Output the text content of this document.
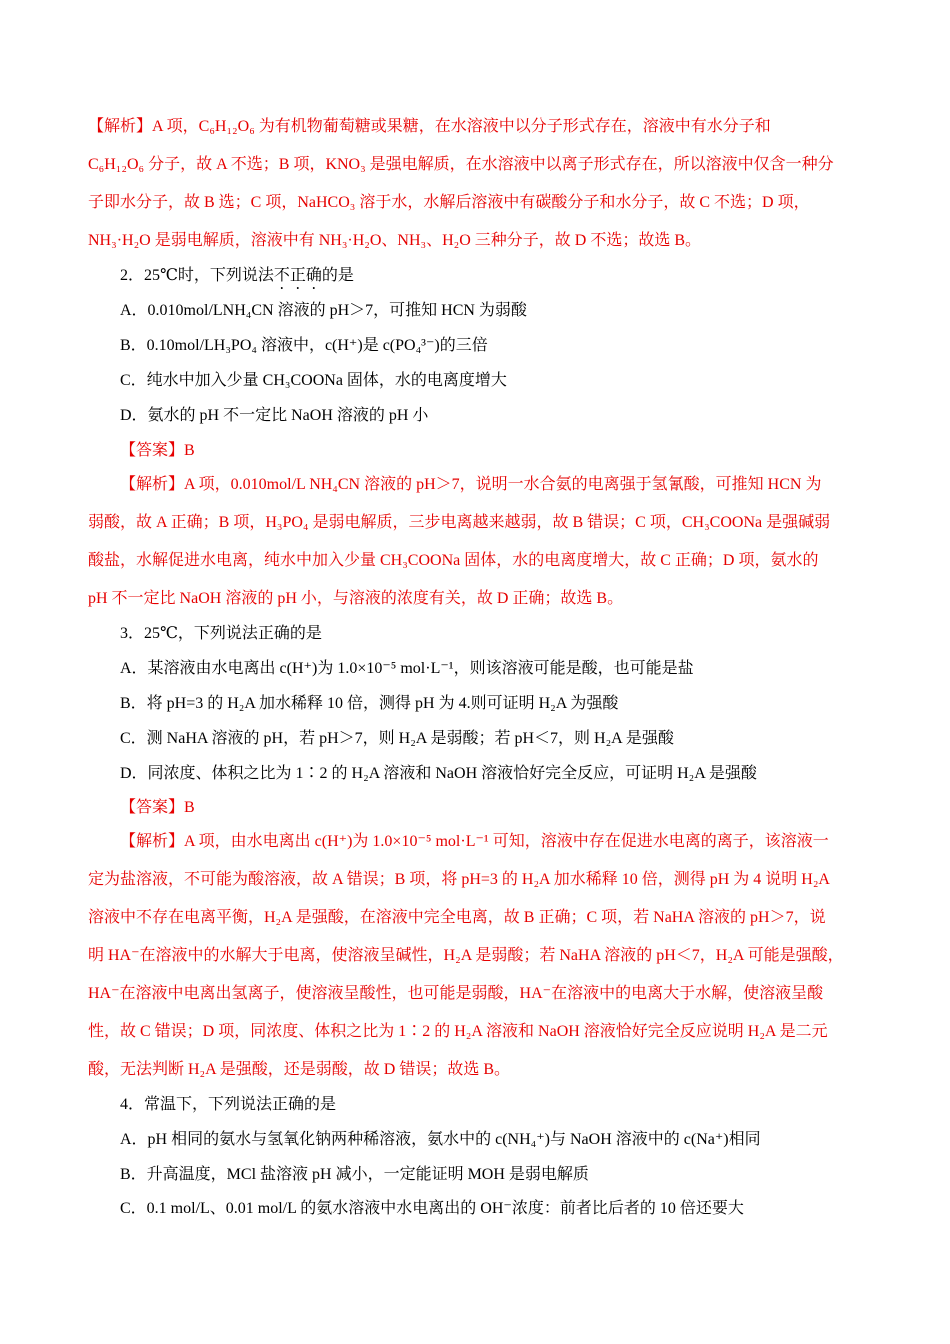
【解析】A 项，C₆H₁₂O₆ 为有机物葡萄糖或果糖，在水溶液中以分子形式存在，溶液中有水分子和
C₆H₁₂O₆ 分子，故 A 不选；B 项，KNO₃ 是强电解质，在水溶液中以离子形式存在，所以溶液中仅含一种分
子即水分子，故 B 选；C 项，NaHCO₃ 溶于水，水解后溶液中有碳酸分子和水分子，故 C 不选；D 项，
NH₃·H₂O 是弱电解质，溶液中有 NH₃·H₂O、NH₃、H₂O 三种分子，故 D 不选；故选 B。
2．25℃时，下列说法不正确的是
A．0.010mol/LNH₄CN 溶液的 pH＞7，可推知 HCN 为弱酸
B．0.10mol/LH₃PO₄ 溶液中，c(H⁺)是 c(PO₄³⁻)的三倍
C．纯水中加入少量 CH₃COONa 固体，水的电离度增大
D．氨水的 pH 不一定比 NaOH 溶液的 pH 小
【答案】B
【解析】A 项，0.010mol/L NH₄CN 溶液的 pH＞7，说明一水合氨的电离强于氢氰酸，可推知 HCN 为
弱酸，故 A 正确；B 项，H₃PO₄ 是弱电解质，三步电离越来越弱，故 B 错误；C 项，CH₃COONa 是强碱弱
酸盐，水解促进水电离，纯水中加入少量 CH₃COONa 固体，水的电离度增大，故 C 正确；D 项，氨水的
pH 不一定比 NaOH 溶液的 pH 小，与溶液的浓度有关，故 D 正确；故选 B。
3．25℃，下列说法正确的是
A．某溶液由水电离出 c(H⁺)为 1.0×10⁻⁵ mol·L⁻¹，则该溶液可能是酸，也可能是盐
B．将 pH=3 的 H₂A 加水稀释 10 倍，测得 pH 为 4.则可证明 H₂A 为强酸
C．测 NaHA 溶液的 pH，若 pH＞7，则 H₂A 是弱酸；若 pH＜7，则 H₂A 是强酸
D．同浓度、体积之比为 1∶2 的 H₂A 溶液和 NaOH 溶液恰好完全反应，可证明 H₂A 是强酸
【答案】B
【解析】A 项，由水电离出 c(H⁺)为 1.0×10⁻⁵ mol·L⁻¹ 可知，溶液中存在促进水电离的离子，该溶液一
定为盐溶液，不可能为酸溶液，故 A 错误；B 项，将 pH=3 的 H₂A 加水稀释 10 倍，测得 pH 为 4 说明 H₂A
溶液中不存在电离平衡，H₂A 是强酸，在溶液中完全电离，故 B 正确；C 项，若 NaHA 溶液的 pH＞7，说
明 HA⁻在溶液中的水解大于电离，使溶液呈碱性，H₂A 是弱酸；若 NaHA 溶液的 pH＜7，H₂A 可能是强酸，
HA⁻在溶液中电离出氢离子，使溶液呈酸性，也可能是弱酸，HA⁻在溶液中的电离大于水解，使溶液呈酸
性，故 C 错误；D 项，同浓度、体积之比为 1∶2 的 H₂A 溶液和 NaOH 溶液恰好完全反应说明 H₂A 是二元
酸，无法判断 H₂A 是强酸，还是弱酸，故 D 错误；故选 B。
4．常温下，下列说法正确的是
A．pH 相同的氨水与氢氧化钠两种稀溶液，氨水中的 c(NH₄⁺)与 NaOH 溶液中的 c(Na⁺)相同
B．升高温度，MCl 盐溶液 pH 减小，一定能证明 MOH 是弱电解质
C．0.1 mol/L、0.01 mol/L 的氨水溶液中水电离出的 OH⁻浓度：前者比后者的 10 倍还要大
